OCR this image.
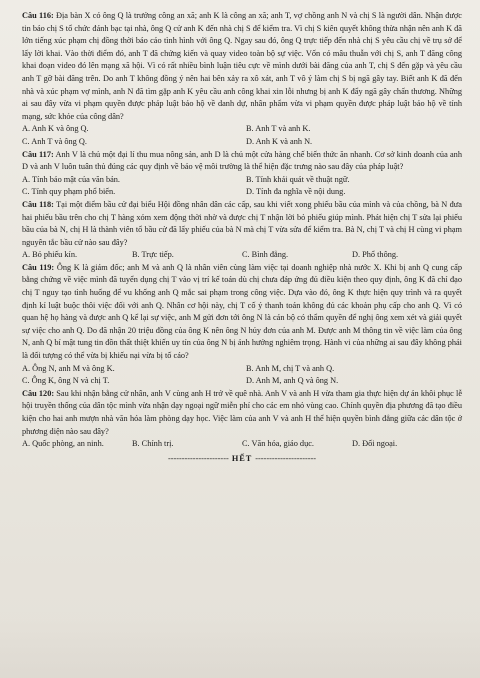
Câu 116: Địa bàn X có ông Q là trưởng công an xã; anh K là công an xã; anh T, vợ chồng anh N và chị S là người dân. Nhận được tin báo chị S tổ chức đánh bạc tại nhà, ông Q cử anh K đến nhà chị S để kiểm tra. Vì chị S kiên quyết không thừa nhận nên anh K đã lớn tiếng xúc phạm chị đồng thời báo cáo tình hình với ông Q. Ngay sau đó, ông Q trực tiếp đến nhà chị S yêu cầu chị về trụ sở để lấy lời khai. Vào thời điểm đó, anh T đã chứng kiến và quay video toàn bộ sự việc. Vốn có mâu thuẫn với chị S, anh T đăng công khai đoạn video đó lên mạng xã hội. Vì có rất nhiều bình luận tiêu cực về mình dưới bài đăng của anh T, chị S đến gặp và yêu cầu anh T gỡ bài đăng trên. Do anh T không đồng ý nên hai bên xảy ra xô xát, anh T vô ý làm chị S bị ngã gây tay. Biết anh K đã đến nhà và xúc phạm vợ mình, anh N đã tìm gặp anh K yêu cầu anh công khai xin lỗi nhưng bị anh K đẩy ngã gây chấn thương. Những ai sau đây vừa vi phạm quyền được pháp luật bảo hộ về danh dự, nhân phẩm vừa vi phạm quyền được pháp luật bảo hộ về tính mạng, sức khỏe của công dân?

A. Anh K và ông Q.	B. Anh T và anh K.

C. Anh T và ông Q.	D. Anh K và anh N.

Câu 117: Anh V là chủ một đại lí thu mua nông sản, anh D là chủ một cửa hàng chế biến thức ăn nhanh. Cơ sở kinh doanh của anh D và anh V luôn tuân thủ đúng các quy định về bảo vệ môi trường là thể hiện đặc trưng nào sau đây của pháp luật?

A. Tính bảo mật của văn bản.	B. Tính khái quát về thuật ngữ.

C. Tính quy phạm phổ biến.	D. Tính đa nghĩa về nội dung.

Câu 118: Tại một điểm bầu cử đại biểu Hội đồng nhân dân các cấp, sau khi viết xong phiếu bầu của mình và của chồng, bà N đưa hai phiếu bầu trên cho chị T hàng xóm xem động thời nhờ và được chị T nhận lời bỏ phiếu giúp mình. Phát hiện chị T sửa lại phiếu bầu của bà N, chị H là thành viên tổ bầu cử đã lấy phiếu của bà N mà chị T vừa sửa để kiểm tra. Bà N, chị T và chị H cùng vi phạm nguyên tắc bầu cử nào sau đây?

A. Bỏ phiếu kín.	B. Trực tiếp.	C. Bình đẳng.	D. Phổ thông.

Câu 119: Ông K là giám đốc; anh M và anh Q là nhân viên cùng làm việc tại doanh nghiệp nhà nước X. Khi bị anh Q cung cấp bằng chứng về việc mình đã tuyển dụng chị T vào vị trí kế toán dù chị chưa đáp ứng đủ điều kiện theo quy định, ông K đã chỉ đạo chị T nguy tạo tình huống để vu khống anh Q mắc sai phạm trong công việc. Dựa vào đó, ông K thực hiện quy trình và ra quyết định kỉ luật buộc thôi việc đối với anh Q. Nhân cơ hội này, chị T cố ý thanh toán không đủ các khoản phụ cấp cho anh Q. Vì có quan hệ họ hàng và được anh Q kể lại sự việc, anh M gửi đơn tới ông N là cán bộ có thẩm quyền để nghị ông xem xét và giải quyết sự việc cho anh Q. Do đã nhận 20 triệu đồng của ông K nên ông N hủy đơn của anh M. Được anh M thông tin về việc làm của ông N, anh Q bí mật tung tin đồn thất thiệt khiến uy tín của ông N bị ảnh hưởng nghiêm trọng. Hành vi của những ai sau đây không phải là đối tượng có thể vừa bị khiếu nại vừa bị tố cáo?

A. Ông N, anh M và ông K.	B. Anh M, chị T và anh Q.

C. Ông K, ông N và chị T.	D. Anh M, anh Q và ông N.

Câu 120: Sau khi nhận bằng cử nhân, anh V cùng anh H trở về quê nhà. Anh V và anh H vừa tham gia thực hiện dự án khôi phục lễ hội truyền thống của dân tộc mình vừa nhận dạy ngoại ngữ miễn phí cho các em nhỏ vùng cao. Chính quyền địa phương đã tạo điều kiện cho hai anh mượn nhà văn hóa làm phòng dạy học. Việc làm của anh V và anh H thể hiện quyền bình đẳng giữa các dân tộc ở phương diện nào sau đây?

A. Quốc phòng, an ninh.	B. Chính trị.	C. Văn hóa, giáo dục.	D. Đối ngoại.

---------------------- HẾT ----------------------
